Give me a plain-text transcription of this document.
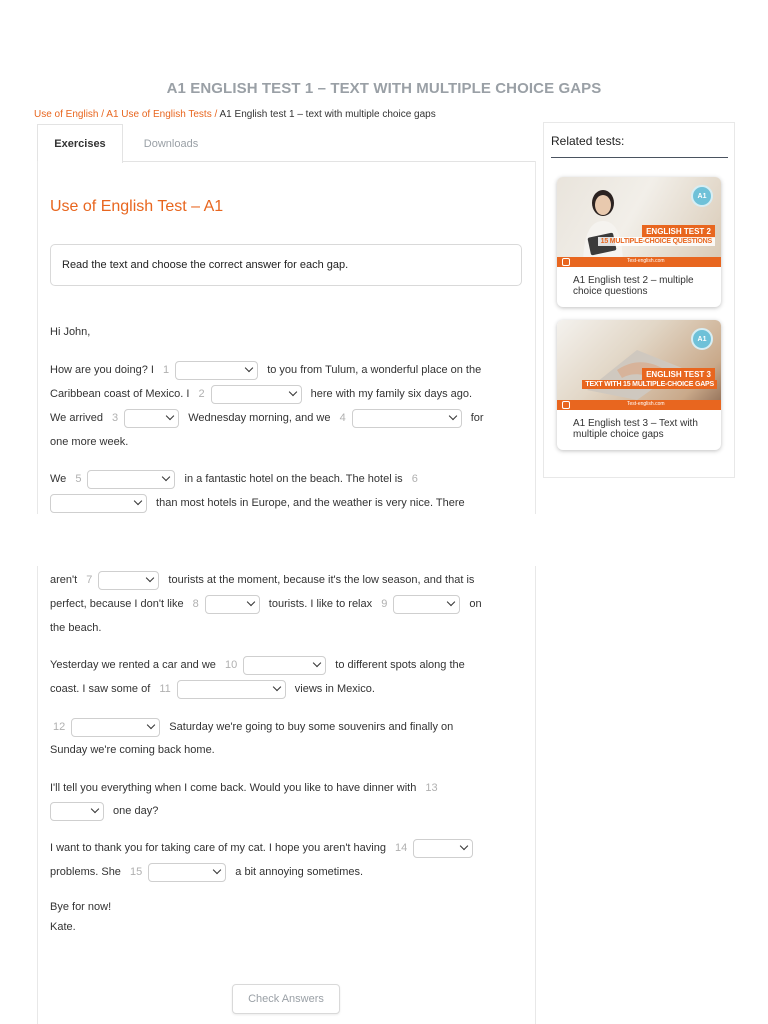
A1 ENGLISH TEST 1 – TEXT WITH MULTIPLE CHOICE GAPS
Use of English / A1 Use of English Tests / A1 English test 1 – text with multiple choice gaps
Exercises	Downloads
Use of English Test – A1
Read the text and choose the correct answer for each gap.
Hi John,
How are you doing? I 1	to you from Tulum, a wonderful place on the
Caribbean coast of Mexico. I 2	here with my family six days ago.
We arrived 3	Wednesday morning, and we 4	for
one more week.
We 5	in a fantastic hotel on the beach. The hotel is 6
than most hotels in Europe, and the weather is very nice. There
aren't 7	tourists at the moment, because it's the low season, and that is
perfect, because I don't like 8	tourists. I like to relax 9	on
the beach.
Yesterday we rented a car and we 10	to different spots along the
coast. I saw some of 11	views in Mexico.
12	Saturday we're going to buy some souvenirs and finally on
Sunday we're coming back home.
I'll tell you everything when I come back. Would you like to have dinner with 13
one day?
I want to thank you for taking care of my cat. I hope you aren't having 14
problems. She 15	a bit annoying sometimes.
Bye for now!
Kate.
Check Answers
Related tests:
A1
ENGLISH TEST 2
15 MULTIPLE-CHOICE QUESTIONS
Test-english.com
A1 English test 2 – multiple choice questions
A1
ENGLISH TEST 3
TEXT WITH 15 MULTIPLE-CHOICE GAPS
Test-english.com
A1 English test 3 – Text with multiple choice gaps
